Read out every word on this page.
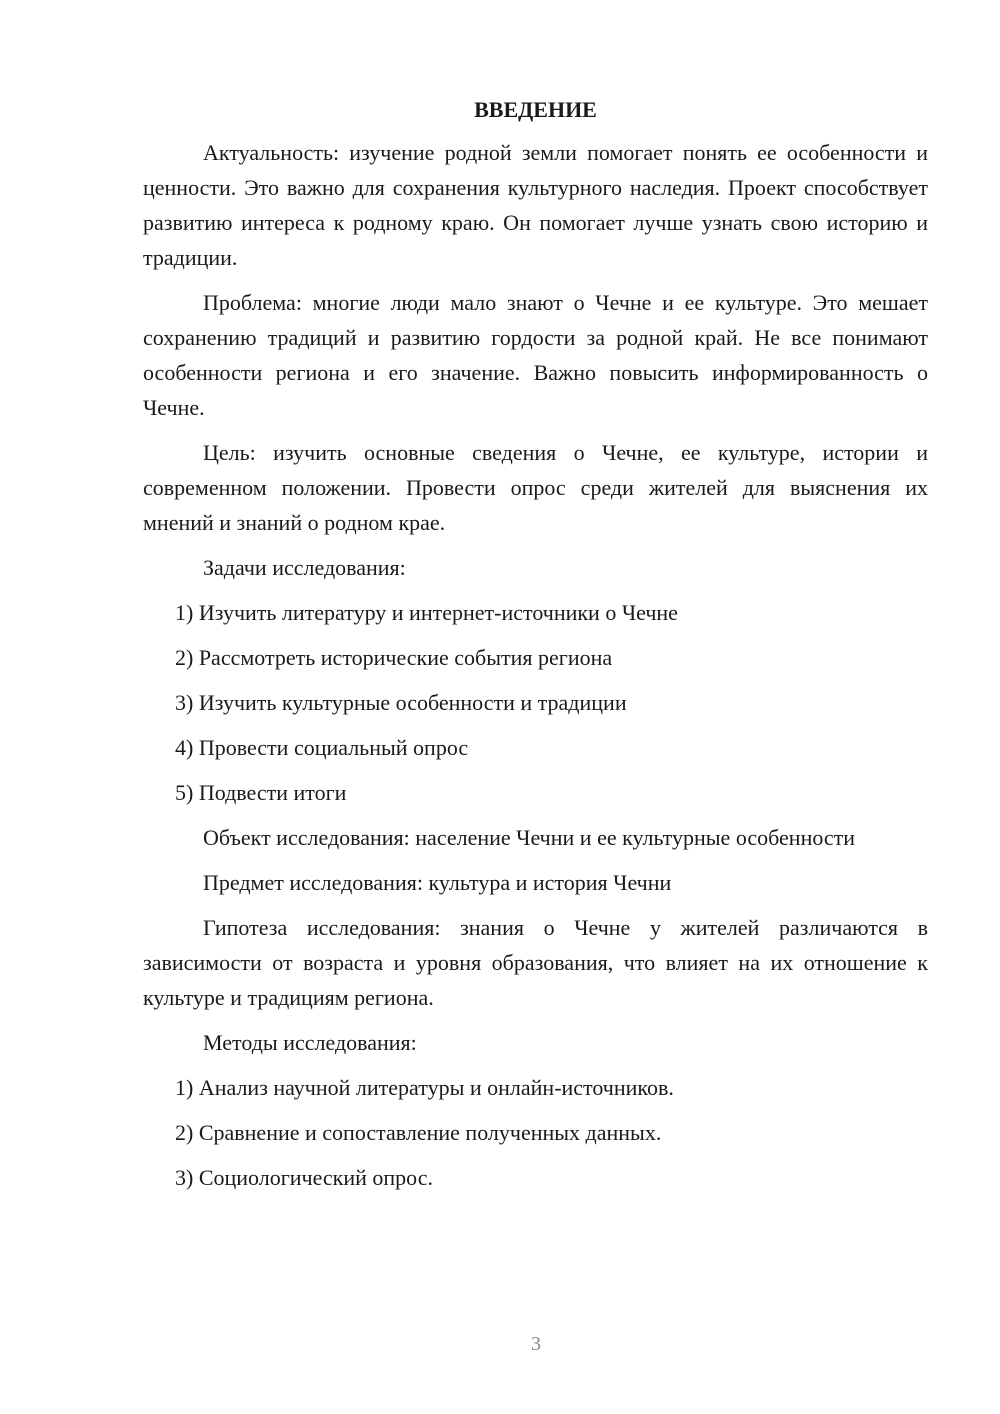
ВВЕДЕНИЕ

Актуальность: изучение родной земли помогает понять ее особенности и ценности. Это важно для сохранения культурного наследия. Проект способствует развитию интереса к родному краю. Он помогает лучше узнать свою историю и традиции.

Проблема: многие люди мало знают о Чечне и ее культуре. Это мешает сохранению традиций и развитию гордости за родной край. Не все понимают особенности региона и его значение. Важно повысить информированность о Чечне.

Цель: изучить основные сведения о Чечне, ее культуре, истории и современном положении. Провести опрос среди жителей для выяснения их мнений и знаний о родном крае.

Задачи исследования:

1) Изучить литературу и интернет-источники о Чечне

2) Рассмотреть исторические события региона

3) Изучить культурные особенности и традиции

4) Провести социальный опрос

5) Подвести итоги

Объект исследования: население Чечни и ее культурные особенности

Предмет исследования: культура и история Чечни

Гипотеза исследования: знания о Чечне у жителей различаются в зависимости от возраста и уровня образования, что влияет на их отношение к культуре и традициям региона.

Методы исследования:

1) Анализ научной литературы и онлайн-источников.

2) Сравнение и сопоставление полученных данных.

3) Социологический опрос.

3
